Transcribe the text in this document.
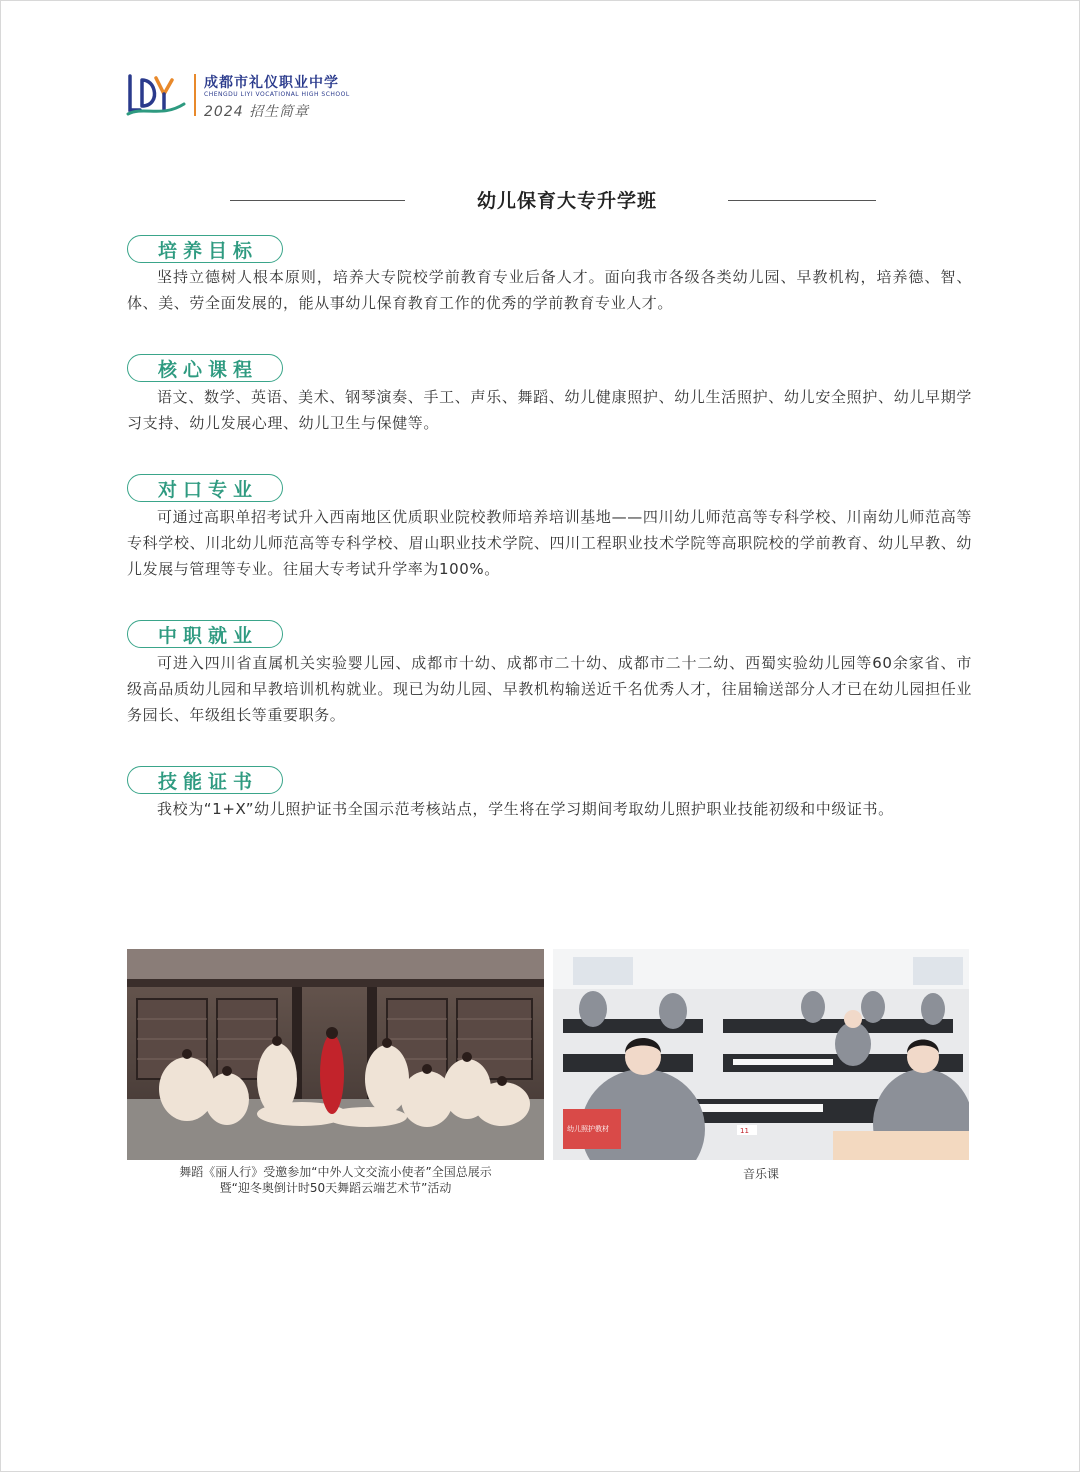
成都市礼仪职业中学
CHENGDU LIYI VOCATIONAL HIGH SCHOOL
2024 招生简章
幼儿保育大专升学班
培养目标
坚持立德树人根本原则，培养大专院校学前教育专业后备人才。面向我市各级各类幼儿园、早教机构，培养德、智、体、美、劳全面发展的，能从事幼儿保育教育工作的优秀的学前教育专业人才。
核心课程
语文、数学、英语、美术、钢琴演奏、手工、声乐、舞蹈、幼儿健康照护、幼儿生活照护、幼儿安全照护、幼儿早期学习支持、幼儿发展心理、幼儿卫生与保健等。
对口专业
可通过高职单招考试升入西南地区优质职业院校教师培养培训基地——四川幼儿师范高等专科学校、川南幼儿师范高等专科学校、川北幼儿师范高等专科学校、眉山职业技术学院、四川工程职业技术学院等高职院校的学前教育、幼儿早教、幼儿发展与管理等专业。往届大专考试升学率为100%。
中职就业
可进入四川省直属机关实验婴儿园、成都市十幼、成都市二十幼、成都市二十二幼、西蜀实验幼儿园等60余家省、市级高品质幼儿园和早教培训机构就业。现已为幼儿园、早教机构输送近千名优秀人才，往届输送部分人才已在幼儿园担任业务园长、年级组长等重要职务。
技能证书
我校为“1+X”幼儿照护证书全国示范考核站点，学生将在学习期间考取幼儿照护职业技能初级和中级证书。
舞蹈《丽人行》受邀参加“中外人文交流小使者”全国总展示
暨“迎冬奥倒计时50天舞蹈云端艺术节”活动
幼儿照护教材	11
音乐课
